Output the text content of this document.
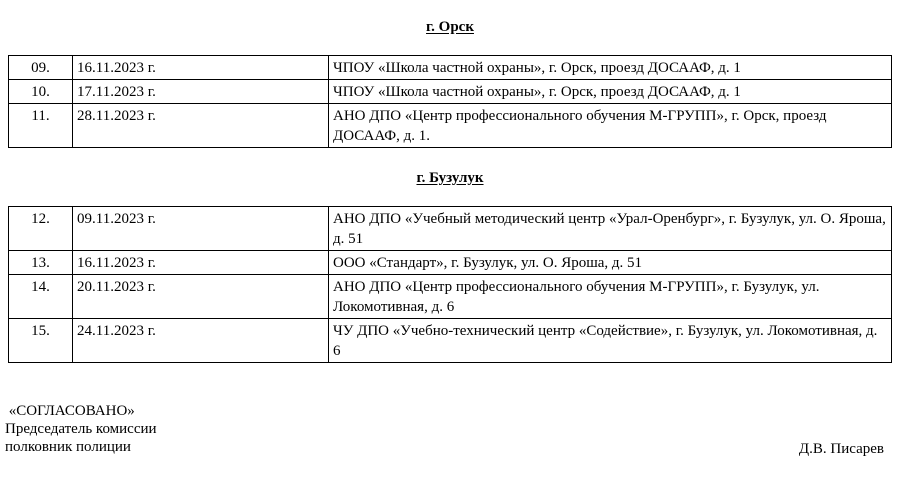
г. Орск
09.	16.11.2023 г.	ЧПОУ «Школа частной охраны», г. Орск, проезд ДОСААФ, д. 1
10.	17.11.2023 г.	ЧПОУ «Школа частной охраны», г. Орск, проезд ДОСААФ, д. 1
11.	28.11.2023 г.	АНО ДПО «Центр профессионального обучения М-ГРУПП», г. Орск, проезд ДОСААФ, д. 1.
г. Бузулук
12.	09.11.2023 г.	АНО ДПО «Учебный методический центр «Урал-Оренбург», г. Бузулук, ул. О. Яроша, д. 51
13.	16.11.2023 г.	ООО «Стандарт», г. Бузулук, ул. О. Яроша, д. 51
14.	20.11.2023 г.	АНО ДПО «Центр профессионального обучения М-ГРУПП», г. Бузулук, ул. Локомотивная, д. 6
15.	24.11.2023 г.	ЧУ ДПО «Учебно-технический центр «Содействие», г. Бузулук, ул. Локомотивная, д. 6
«СОГЛАСОВАНО»
Председатель комиссии
полковник полиции	Д.В. Писарев
